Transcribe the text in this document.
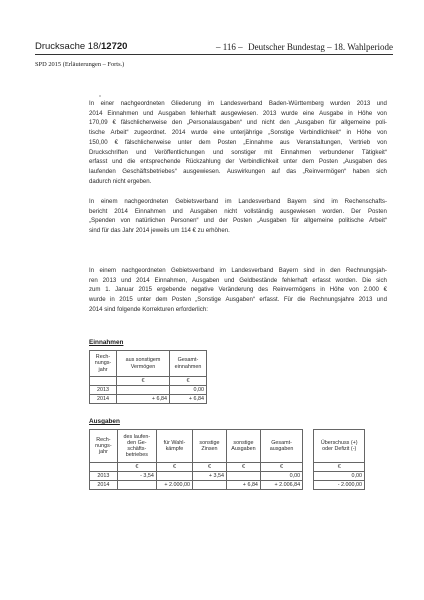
Drucksache 18/12720	– 116 – Deutscher Bundestag – 18. Wahlperiode
SPD 2015 (Erläuterungen – Forts.)
In einer nachgeordneten Gliederung im Landesverband Baden-Württemberg wurden 2013 und
2014 Einnahmen und Ausgaben fehlerhaft ausgewiesen. 2013 wurde eine Ausgabe in Höhe von
170,09 € fälschlicherweise den „Personalausgaben“ und nicht den „Ausgaben für allgemeine poli-
tische Arbeit“ zugeordnet. 2014 wurde eine unterjährige „Sonstige Verbindlichkeit“ in Höhe von
150,00 € fälschlicherweise unter dem Posten „Einnahme aus Veranstaltungen, Vertrieb von
Druckschriften und Veröffentlichungen und sonstiger mit Einnahmen verbundener Tätigkeit“
erfasst und die entsprechende Rückzahlung der Verbindlichkeit unter dem Posten „Ausgaben des
laufenden Geschäftsbetriebes“ ausgewiesen. Auswirkungen auf das „Reinvermögen“ haben sich
dadurch nicht ergeben.
In einem nachgeordneten Gebietsverband im Landesverband Bayern sind im Rechenschafts-
bericht 2014 Einnahmen und Ausgaben nicht vollständig ausgewiesen worden. Der Posten
„Spenden von natürlichen Personen“ und der Posten „Ausgaben für allgemeine politische Arbeit“
sind für das Jahr 2014 jeweils um 114 € zu erhöhen.
In einem nachgeordneten Gebietsverband im Landesverband Bayern sind in den Rechnungsjah-
ren 2013 und 2014 Einnahmen, Ausgaben und Geldbestände fehlerhaft erfasst worden. Die sich
zum 1. Januar 2015 ergebende negative Veränderung des Reinvermögens in Höhe von 2.000 €
wurde in 2015 unter dem Posten „Sonstige Ausgaben“ erfasst. Für die Rechnungsjahre 2013 und
2014 sind folgende Korrekturen erforderlich:
Einnahmen
Rech-
nungs-
jahr	aus sonstigem
Vermögen	Gesamt-
einnahmen
	€	€
2013		0,00
2014	+ 6,84	+ 6,84
Ausgaben
Rech-
nungs-
jahr	des laufen-
den Ge-
schäfts-
betriebes	für Wahl-
kämpfe	sonstige
Zinsen	sonstige
Ausgaben	Gesamt-
ausgaben		Überschuss (+)
oder Defizit (-)
	€	€	€	€	€		€
2013	- 3,54		+ 3,54		0,00		0,00
2014		+ 2.000,00		+ 6,84	+ 2.006,84		- 2.000,00
